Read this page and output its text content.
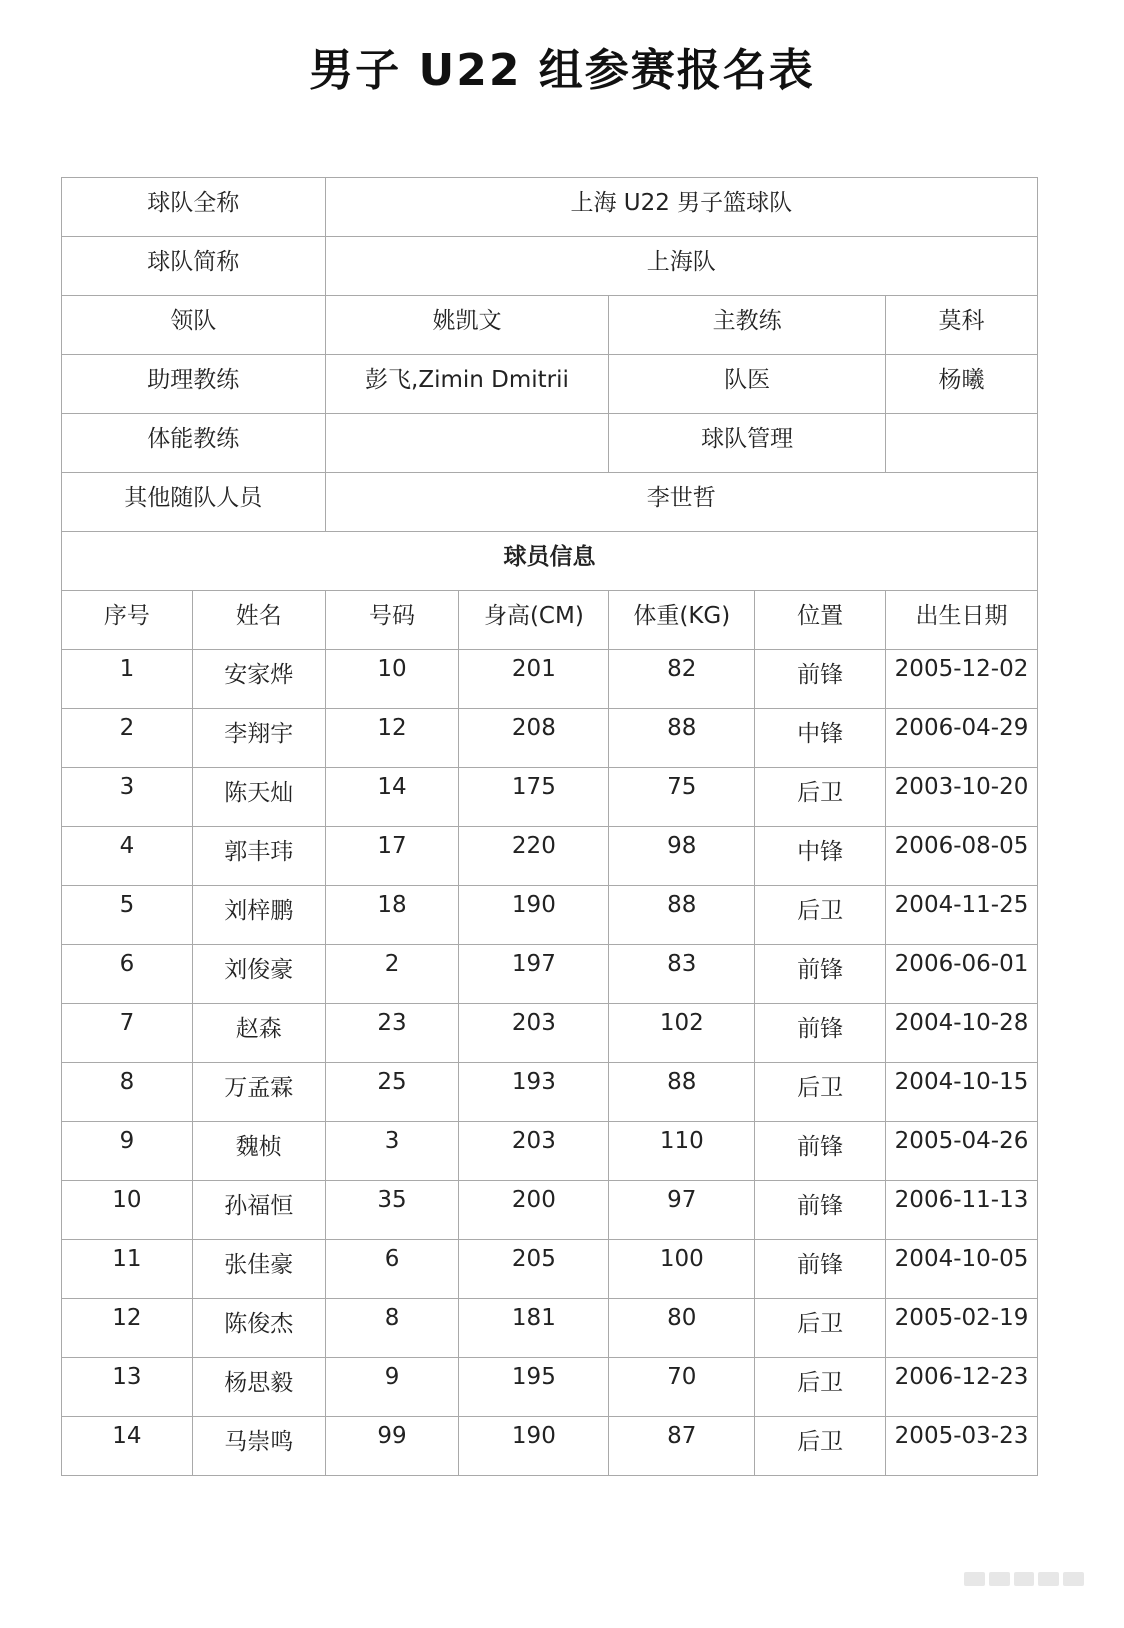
男子 U22 组参赛报名表
球队全称		上海 U22 男子篮球队				
球队简称		上海队				
领队		姚凯文		主教练		莫科
助理教练		彭飞,Zimin Dmitrii		队医		杨曦
体能教练				球队管理		
其他随队人员		李世哲				
球员信息						
序号	姓名	号码	身高(CM)	体重(KG)	位置	出生日期
1	安家烨	10	201	82	前锋	2005-12-02
2	李翔宇	12	208	88	中锋	2006-04-29
3	陈天灿	14	175	75	后卫	2003-10-20
4	郭丰玮	17	220	98	中锋	2006-08-05
5	刘梓鹏	18	190	88	后卫	2004-11-25
6	刘俊豪	2	197	83	前锋	2006-06-01
7	赵森	23	203	102	前锋	2004-10-28
8	万孟霖	25	193	88	后卫	2004-10-15
9	魏桢	3	203	110	前锋	2005-04-26
10	孙福恒	35	200	97	前锋	2006-11-13
11	张佳豪	6	205	100	前锋	2004-10-05
12	陈俊杰	8	181	80	后卫	2005-02-19
13	杨思毅	9	195	70	后卫	2006-12-23
14	马崇鸣	99	190	87	后卫	2005-03-23
